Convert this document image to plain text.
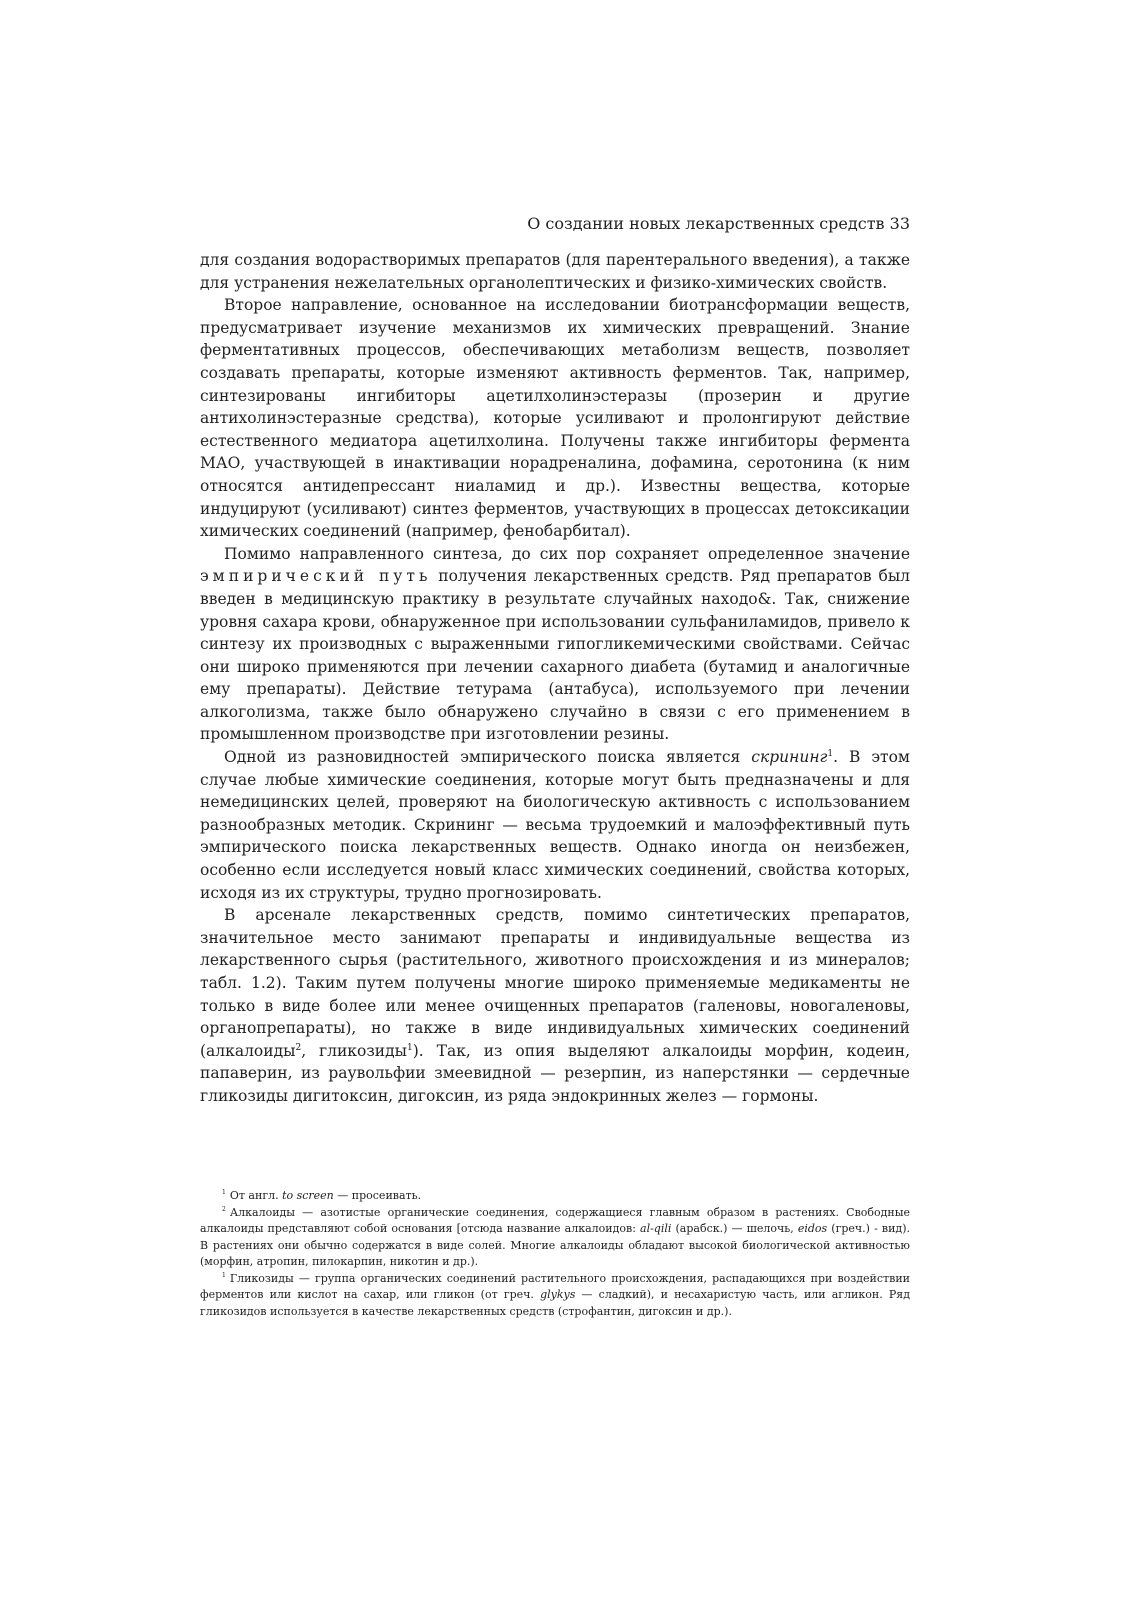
О создании новых лекарственных средств 33

для создания водорастворимых препаратов (для парентерального введения), а также для устранения нежелательных органолептических и физико-химических свойств.

Второе направление, основанное на исследовании биотрансформации веществ, предусматривает изучение механизмов их химических превращений. Знание ферментативных процессов, обеспечивающих метаболизм веществ, позволяет создавать препараты, которые изменяют активность ферментов. Так, например, синтезированы ингибиторы ацетилхолинэстеразы (прозерин и другие антихолинэстеразные средства), которые усиливают и пролонгируют действие естественного медиатора ацетилхолина. Получены также ингибиторы фермента МАО, участвующей в инактивации норадреналина, дофамина, серотонина (к ним относятся антидепрессант ниаламид и др.). Известны вещества, которые индуцируют (усиливают) синтез ферментов, участвующих в процессах детоксикации химических соединений (например, фенобарбитал).

Помимо направленного синтеза, до сих пор сохраняет определенное значение эмпирический путь получения лекарственных средств. Ряд препаратов был введен в медицинскую практику в результате случайных находо&. Так, снижение уровня сахара крови, обнаруженное при использовании сульфаниламидов, привело к синтезу их производных с выраженными гипогликемическими свойствами. Сейчас они широко применяются при лечении сахарного диабета (бутамид и аналогичные ему препараты). Действие тетурама (антабуса), используемого при лечении алкоголизма, также было обнаружено случайно в связи с его применением в промышленном производстве при изготовлении резины.

Одной из разновидностей эмпирического поиска является скрининг$^1$. В этом случае любые химические соединения, которые могут быть предназначены и для немедицинских целей, проверяют на биологическую активность с использованием разнообразных методик. Скрининг — весьма трудоемкий и малоэффективный путь эмпирического поиска лекарственных веществ. Однако иногда он неизбежен, особенно если исследуется новый класс химических соединений, свойства которых, исходя из их структуры, трудно прогнозировать.

В арсенале лекарственных средств, помимо синтетических препаратов, значительное место занимают препараты и индивидуальные вещества из лекарственного сырья (растительного, животного происхождения и из минералов; табл. 1.2). Таким путем получены многие широко применяемые медикаменты не только в виде более или менее очищенных препаратов (галеновы, новогаленовы, органопрепараты), но также в виде индивидуальных химических соединений (алкалоиды$^2$, гликозиды$^1$). Так, из опия выделяют алкалоиды морфин, кодеин, папаверин, из раувольфии змеевидной — резерпин, из наперстянки — сердечные гликозиды дигитоксин, дигоксин, из ряда эндокринных желез — гормоны.

$^1$ От англ. to screen — просеивать.

$^2$ Алкалоиды — азотистые органические соединения, содержащиеся главным образом в растениях. Свободные алкалоиды представляют собой основания [отсюда название алкалоидов: al-qili (арабск.) — шелочь, eidos (греч.) - вид). В растениях они обычно содержатся в виде солей. Многие алкалоиды обладают высокой биологической активностью (морфин, атропин, пилокарпин, никотин и др.).

$^1$ Гликозиды — группа органических соединений растительного происхождения, распадающихся при воздействии ферментов или кислот на сахар, или гликон (от греч. glykys — сладкий), и несахаристую часть, или агликон. Ряд гликозидов используется в качестве лекарственных средств (строфантин, дигоксин и др.).
